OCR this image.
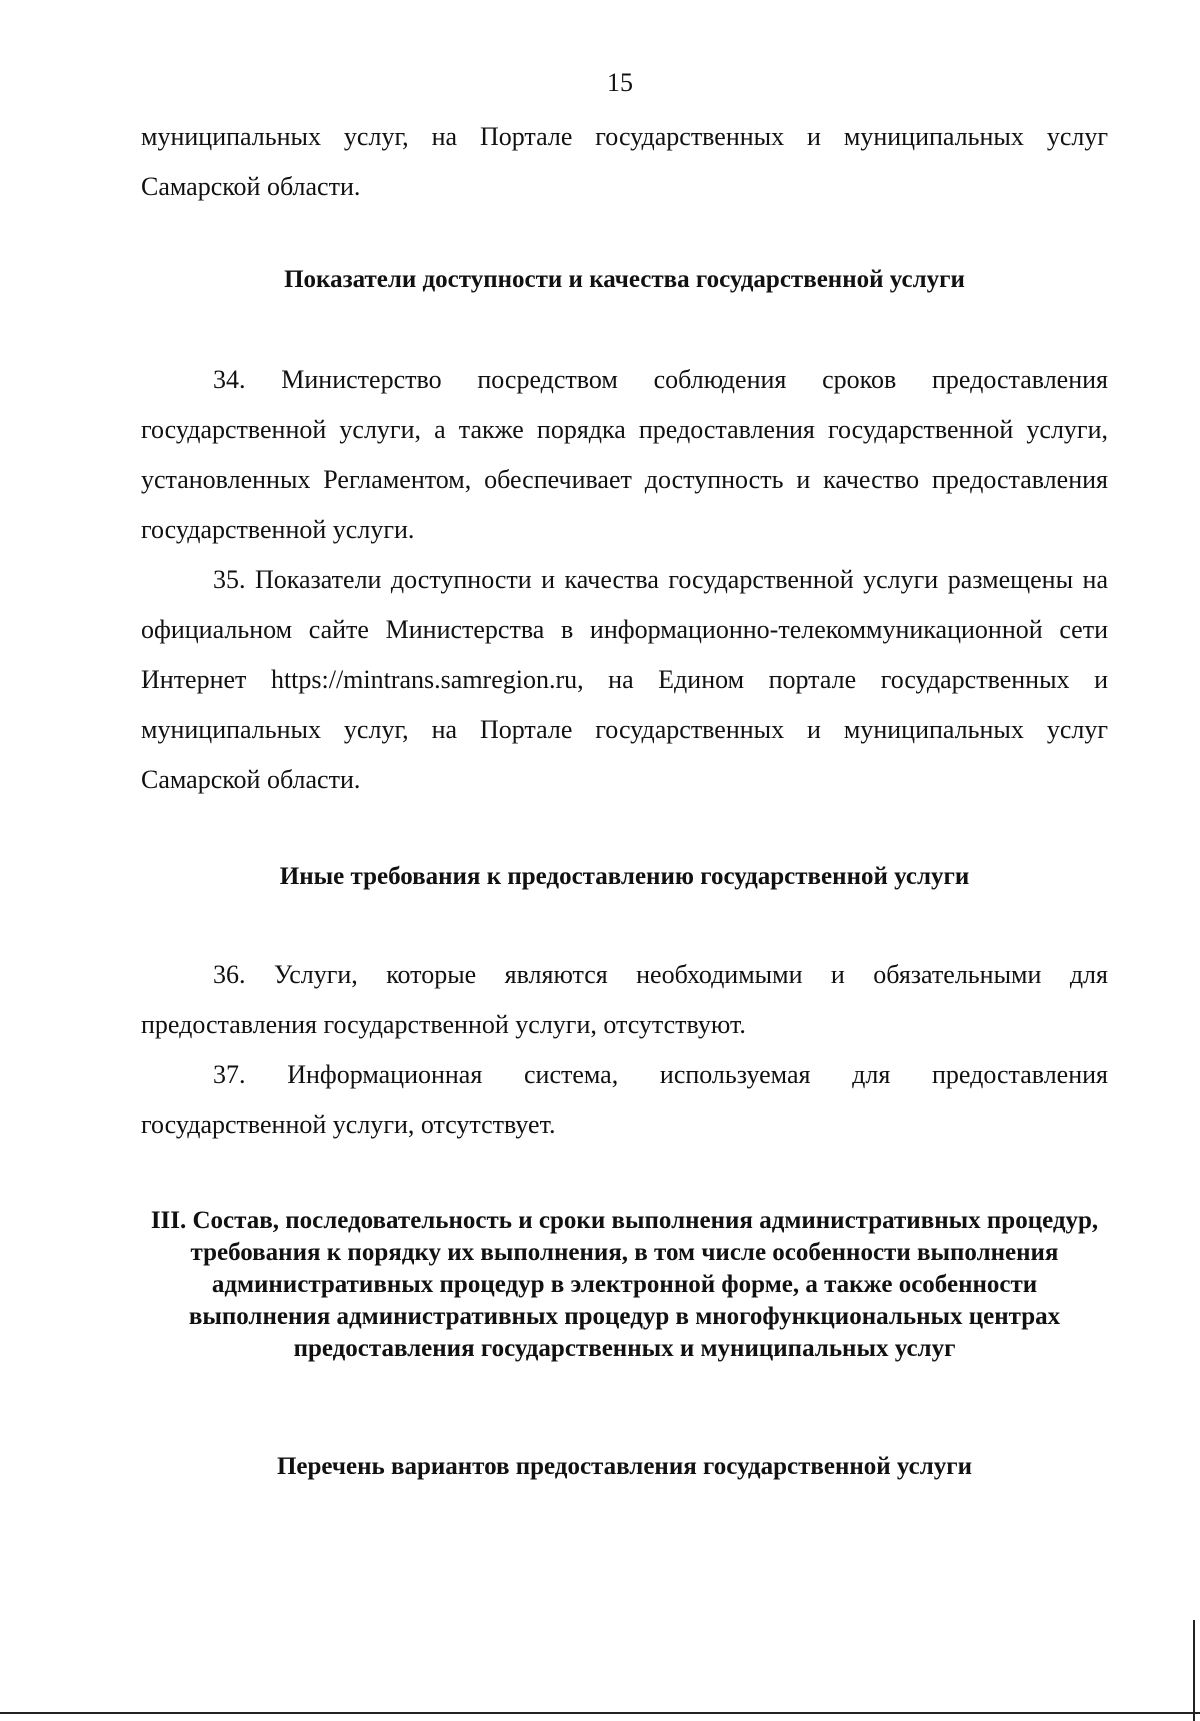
15

муниципальных услуг, на Портале государственных и муниципальных услуг Самарской области.

Показатели доступности и качества государственной услуги

34. Министерство посредством соблюдения сроков предоставления государственной услуги, а также порядка предоставления государственной услуги, установленных Регламентом, обеспечивает доступность и качество предоставления государственной услуги.

35. Показатели доступности и качества государственной услуги размещены на официальном сайте Министерства в информационно-телекоммуникационной сети Интернет https://mintrans.samregion.ru, на Едином портале государственных и муниципальных услуг, на Портале государственных и муниципальных услуг Самарской области.

Иные требования к предоставлению государственной услуги

36. Услуги, которые являются необходимыми и обязательными для предоставления государственной услуги, отсутствуют.

37. Информационная система, используемая для предоставления государственной услуги, отсутствует.

III. Состав, последовательность и сроки выполнения административных процедур, требования к порядку их выполнения, в том числе особенности выполнения административных процедур в электронной форме, а также особенности выполнения административных процедур в многофункциональных центрах предоставления государственных и муниципальных услуг
Перечень вариантов предоставления государственной услуги
